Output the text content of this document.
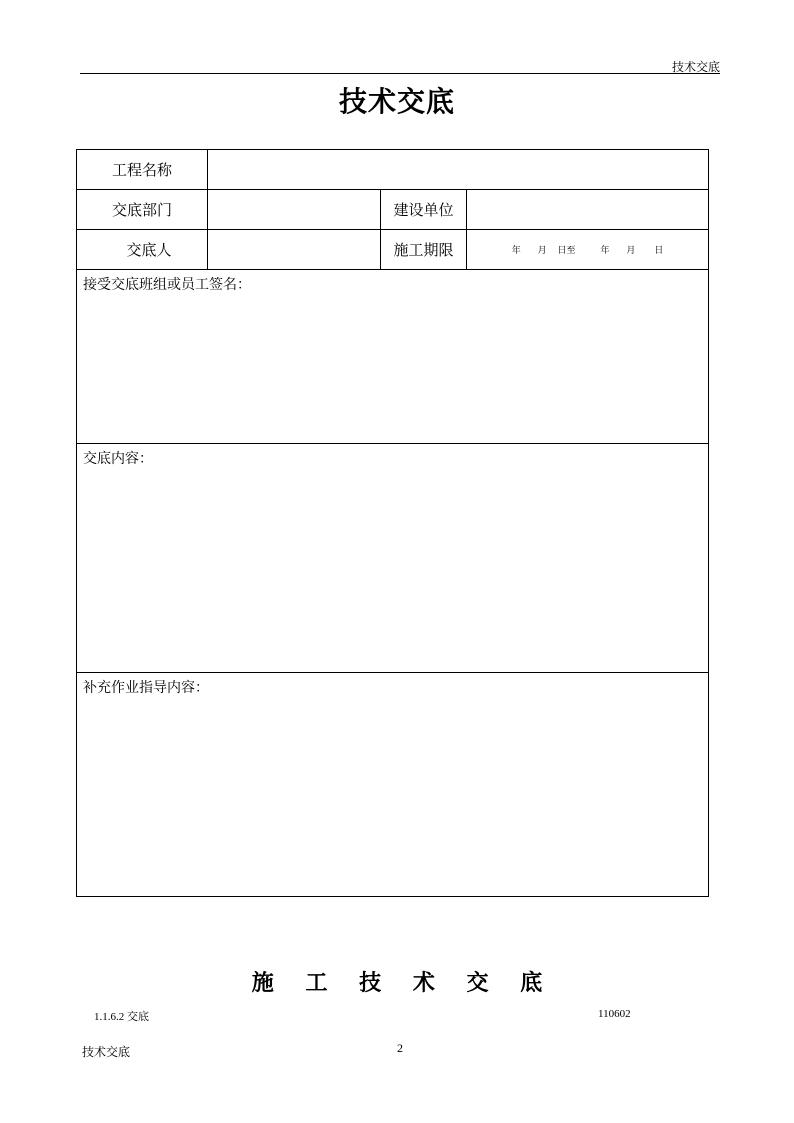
技术交底
技术交底
工程名称			
交底部门		建设单位	
交底人		施工期限	年 月 日至 年 月 日
接受交底班组或员工签名：			
交底内容：			
补充作业指导内容：			
施 工 技 术 交 底
1.1.6.2 交底	110602
技术交底	2
